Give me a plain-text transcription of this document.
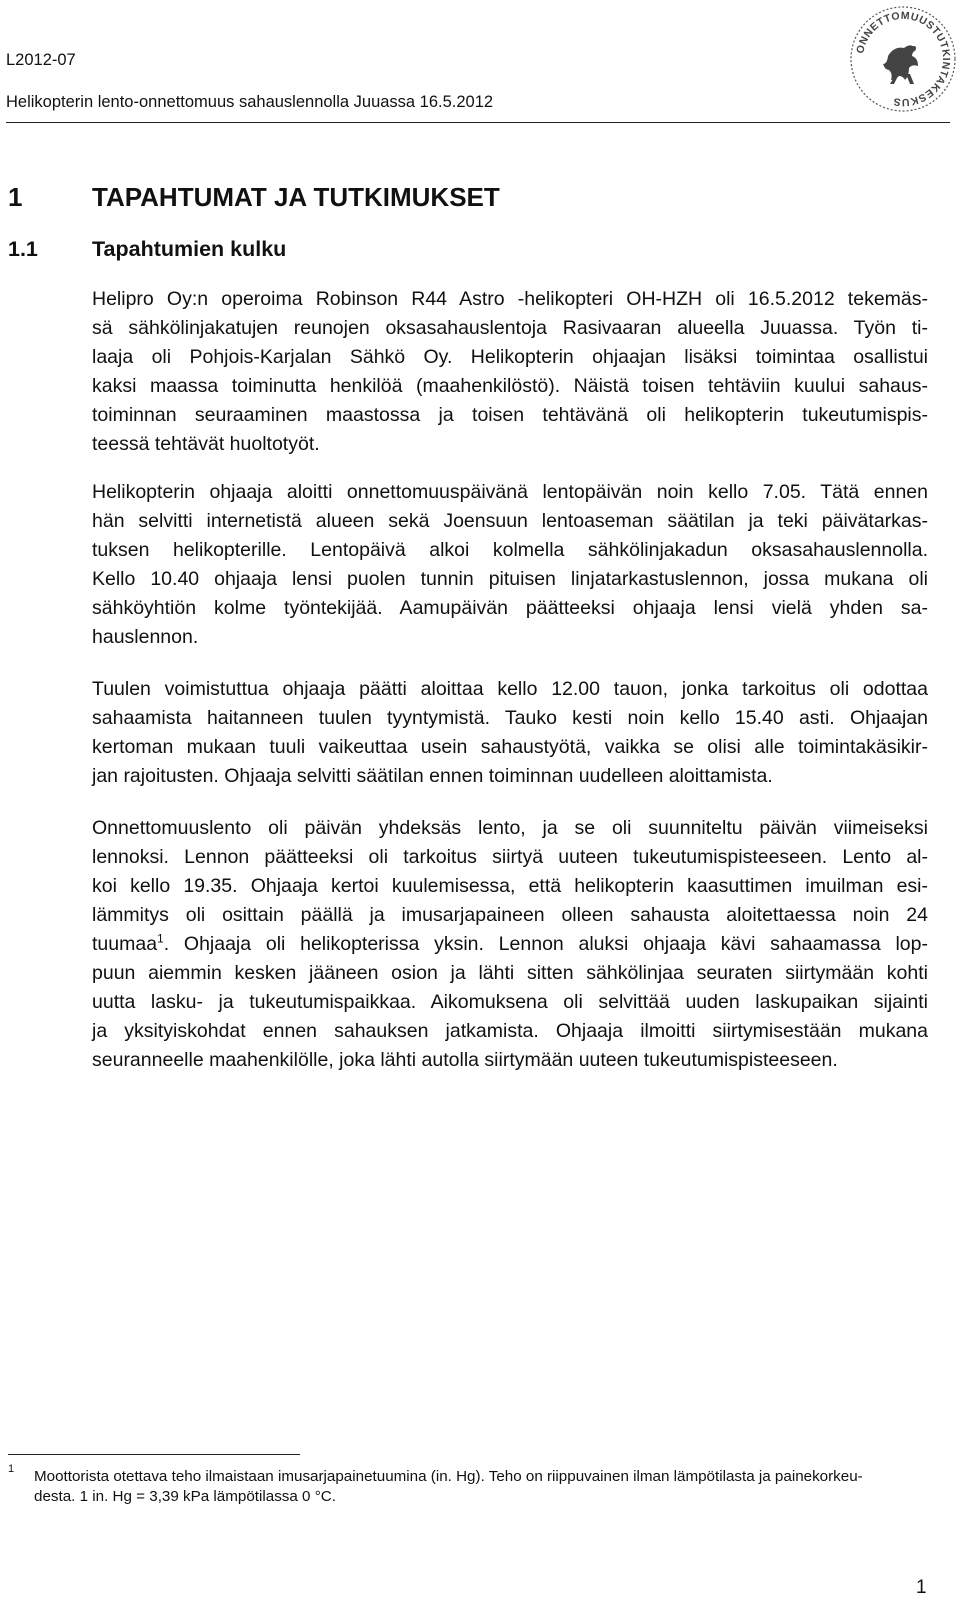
L2012-07
Helikopterin lento-onnettomuus sahauslennolla Juuassa 16.5.2012
ONNETTOMUUSTUTKINTAKESKUS
1	TAPAHTUMAT JA TUTKIMUKSET
1.1	Tapahtumien kulku

Helipro Oy:n operoima Robinson R44 Astro -helikopteri OH-HZH oli 16.5.2012 tekemäs-
sä sähkölinjakatujen reunojen oksasahauslentoja Rasivaaran alueella Juuassa. Työn ti-
laaja oli Pohjois-Karjalan Sähkö Oy. Helikopterin ohjaajan lisäksi toimintaa osallistui
kaksi maassa toiminutta henkilöä (maahenkilöstö). Näistä toisen tehtäviin kuului sahaus-
toiminnan seuraaminen maastossa ja toisen tehtävänä oli helikopterin tukeutumispis-
teessä tehtävät huoltotyöt.

Helikopterin ohjaaja aloitti onnettomuuspäivänä lentopäivän noin kello 7.05. Tätä ennen
hän selvitti internetistä alueen sekä Joensuun lentoaseman säätilan ja teki päivätarkas-
tuksen helikopterille. Lentopäivä alkoi kolmella sähkölinjakadun oksasahauslennolla.
Kello 10.40 ohjaaja lensi puolen tunnin pituisen linjatarkastuslennon, jossa mukana oli
sähköyhtiön kolme työntekijää. Aamupäivän päätteeksi ohjaaja lensi vielä yhden sa-
hauslennon.

Tuulen voimistuttua ohjaaja päätti aloittaa kello 12.00 tauon, jonka tarkoitus oli odottaa
sahaamista haitanneen tuulen tyyntymistä. Tauko kesti noin kello 15.40 asti. Ohjaajan
kertoman mukaan tuuli vaikeuttaa usein sahaustyötä, vaikka se olisi alle toimintakäsikir-
jan rajoitusten. Ohjaaja selvitti säätilan ennen toiminnan uudelleen aloittamista.

Onnettomuuslento oli päivän yhdeksäs lento, ja se oli suunniteltu päivän viimeiseksi
lennoksi. Lennon päätteeksi oli tarkoitus siirtyä uuteen tukeutumispisteeseen. Lento al-
koi kello 19.35. Ohjaaja kertoi kuulemisessa, että helikopterin kaasuttimen imuilman esi-
lämmitys oli osittain päällä ja imusarjapaineen olleen sahausta aloitettaessa noin 24
tuumaa$^1$. Ohjaaja oli helikopterissa yksin. Lennon aluksi ohjaaja kävi sahaamassa lop-
puun aiemmin kesken jääneen osion ja lähti sitten sähkölinjaa seuraten siirtymään kohti
uutta lasku- ja tukeutumispaikkaa. Aikomuksena oli selvittää uuden laskupaikan sijainti
ja yksityiskohdat ennen sahauksen jatkamista. Ohjaaja ilmoitti siirtymisestään mukana
seuranneelle maahenkilölle, joka lähti autolla siirtymään uuteen tukeutumispisteeseen.

1 Moottorista otettava teho ilmaistaan imusarjapainetuumina (in. Hg). Teho on riippuvainen ilman lämpötilasta ja painekorkeu-
desta. 1 in. Hg = 3,39 kPa lämpötilassa 0 °C.

1
